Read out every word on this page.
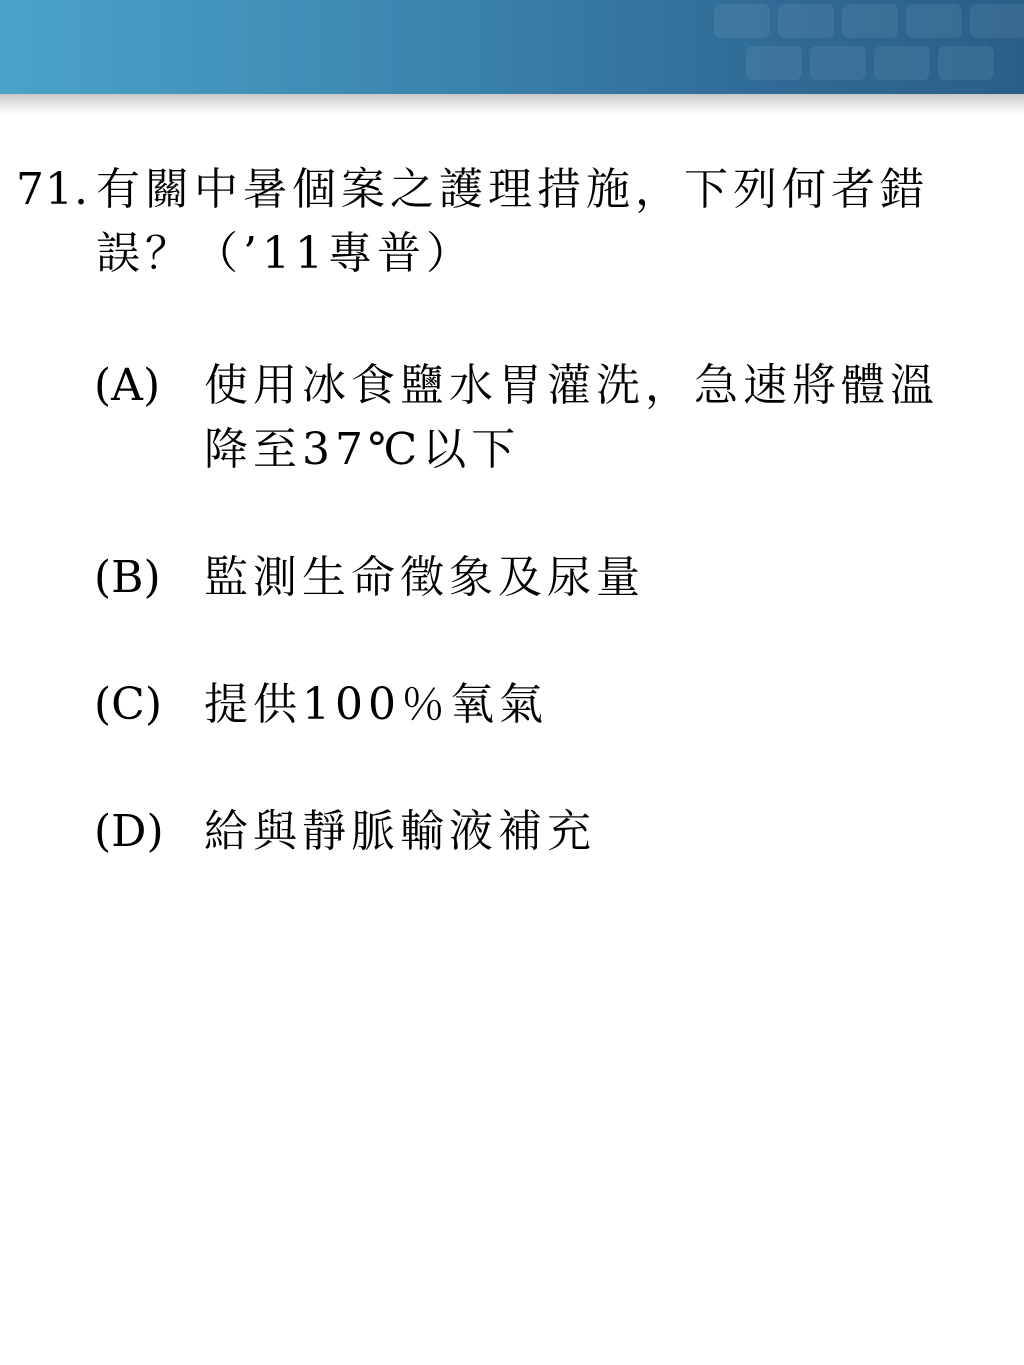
71. 有關中暑個案之護理措施，下列何者錯
誤？（’11專普）
(A) 使用冰食鹽水胃灌洗，急速將體溫
降至37℃以下
(B) 監測生命徵象及尿量
(C) 提供100％氧氣
(D) 給與靜脈輸液補充
